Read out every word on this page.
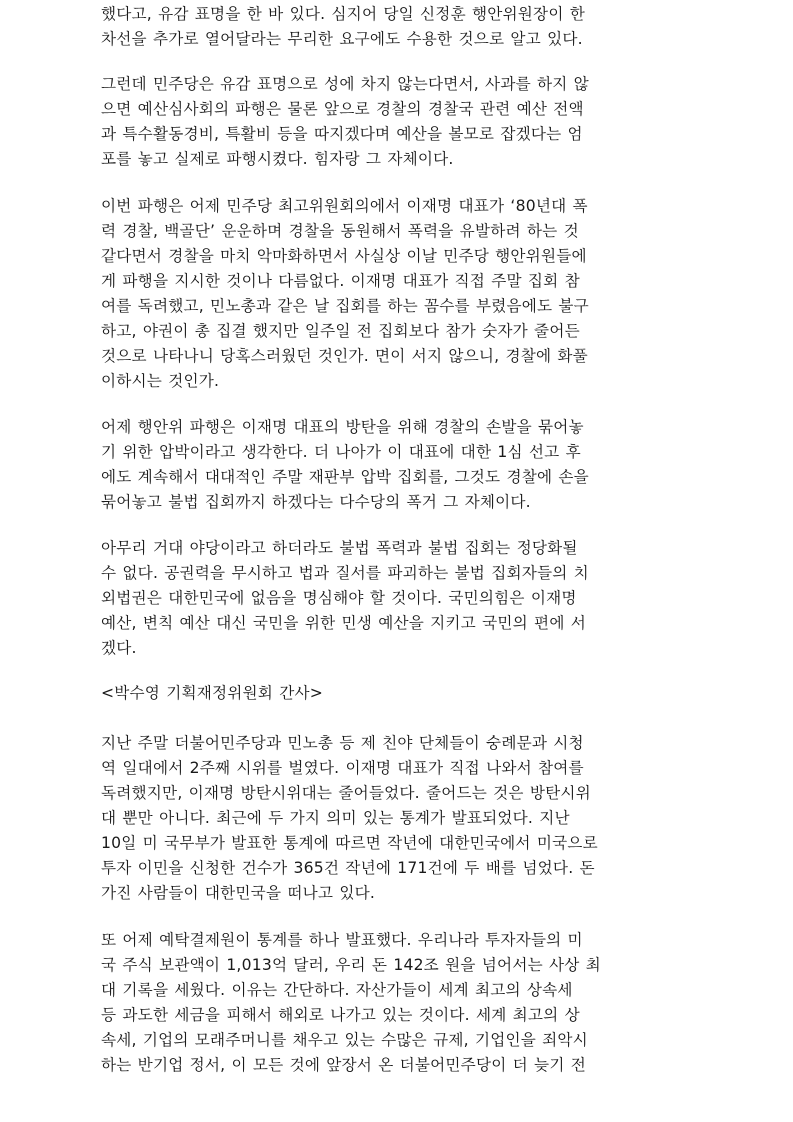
했다고, 유감 표명을 한 바 있다. 심지어 당일 신정훈 행안위원장이 한
차선을 추가로 열어달라는 무리한 요구에도 수용한 것으로 알고 있다.
그런데 민주당은 유감 표명으로 성에 차지 않는다면서, 사과를 하지 않
으면 예산심사회의 파행은 물론 앞으로 경찰의 경찰국 관련 예산 전액
과 특수활동경비, 특활비 등을 따지겠다며 예산을 볼모로 잡겠다는 엄
포를 놓고 실제로 파행시켰다. 힘자랑 그 자체이다.
이번 파행은 어제 민주당 최고위원회의에서 이재명 대표가 ‘80년대 폭
력 경찰, 백골단’ 운운하며 경찰을 동원해서 폭력을 유발하려 하는 것
같다면서 경찰을 마치 악마화하면서 사실상 이날 민주당 행안위원들에
게 파행을 지시한 것이나 다름없다. 이재명 대표가 직접 주말 집회 참
여를 독려했고, 민노총과 같은 날 집회를 하는 꼼수를 부렸음에도 불구
하고, 야권이 총 집결 했지만 일주일 전 집회보다 참가 숫자가 줄어든
것으로 나타나니 당혹스러웠던 것인가. 면이 서지 않으니, 경찰에 화풀
이하시는 것인가.
어제 행안위 파행은 이재명 대표의 방탄을 위해 경찰의 손발을 묶어놓
기 위한 압박이라고 생각한다. 더 나아가 이 대표에 대한 1심 선고 후
에도 계속해서 대대적인 주말 재판부 압박 집회를, 그것도 경찰에 손을
묶어놓고 불법 집회까지 하겠다는 다수당의 폭거 그 자체이다.
아무리 거대 야당이라고 하더라도 불법 폭력과 불법 집회는 정당화될
수 없다. 공권력을 무시하고 법과 질서를 파괴하는 불법 집회자들의 치
외법권은 대한민국에 없음을 명심해야 할 것이다. 국민의힘은 이재명
예산, 변칙 예산 대신 국민을 위한 민생 예산을 지키고 국민의 편에 서
겠다.
<박수영 기획재정위원회 간사>
지난 주말 더불어민주당과 민노총 등 제 친야 단체들이 숭례문과 시청
역 일대에서 2주째 시위를 벌였다. 이재명 대표가 직접 나와서 참여를
독려했지만, 이재명 방탄시위대는 줄어들었다. 줄어드는 것은 방탄시위
대 뿐만 아니다. 최근에 두 가지 의미 있는 통계가 발표되었다. 지난
10일 미 국무부가 발표한 통계에 따르면 작년에 대한민국에서 미국으로
투자 이민을 신청한 건수가 365건 작년에 171건에 두 배를 넘었다. 돈
가진 사람들이 대한민국을 떠나고 있다.
또 어제 예탁결제원이 통계를 하나 발표했다. 우리나라 투자자들의 미
국 주식 보관액이 1,013억 달러, 우리 돈 142조 원을 넘어서는 사상 최
대 기록을 세웠다. 이유는 간단하다. 자산가들이 세계 최고의 상속세
등 과도한 세금을 피해서 해외로 나가고 있는 것이다. 세계 최고의 상
속세, 기업의 모래주머니를 채우고 있는 수많은 규제, 기업인을 죄악시
하는 반기업 정서, 이 모든 것에 앞장서 온 더불어민주당이 더 늦기 전
